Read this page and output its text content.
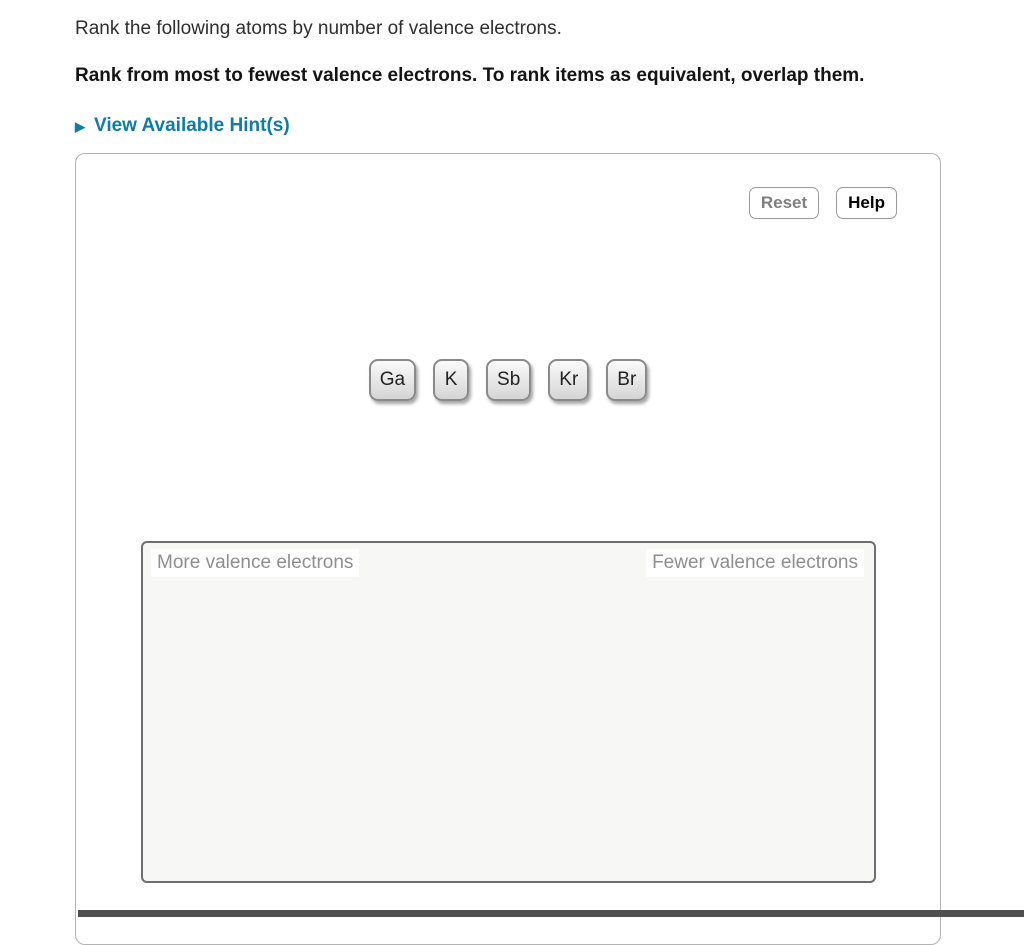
Rank the following atoms by number of valence electrons.
Rank from most to fewest valence electrons. To rank items as equivalent, overlap them.
▶ View Available Hint(s)
Reset	Help
Ga	K	Sb	Kr	Br
More valence electrons	Fewer valence electrons
